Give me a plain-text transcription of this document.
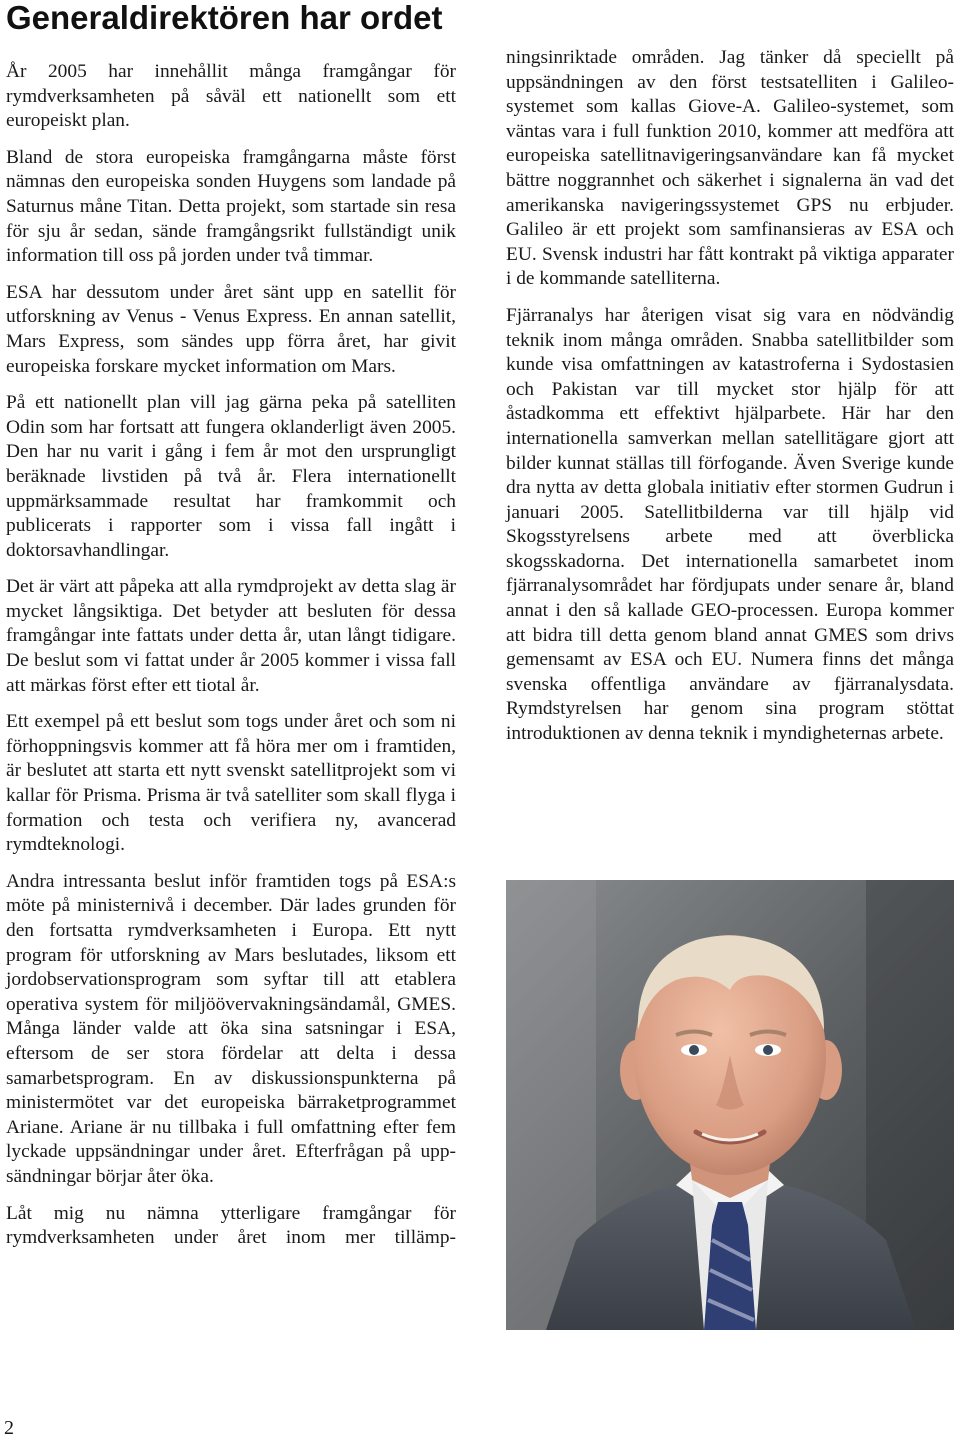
Generaldirektören har ordet

År 2005 har innehållit många framgångar för rymdverksamheten på såväl ett nationellt som ett europeiskt plan.

Bland de stora europeiska framgångarna måste först nämnas den europeiska sonden Huygens som landade på Saturnus måne Titan. Detta projekt, som startade sin resa för sju år sedan, sände framgångsrikt fullständigt unik information till oss på jorden under två timmar.

ESA har dessutom under året sänt upp en satellit för utforskning av Venus - Venus Express. En annan satellit, Mars Express, som sändes upp förra året, har givit europeiska forskare mycket information om Mars.

På ett nationellt plan vill jag gärna peka på satelliten Odin som har fortsatt att fungera oklanderligt även 2005. Den har nu varit i gång i fem år mot den ursprungligt beräknade livstiden på två år. Flera internationellt uppmärksammade resultat har framkommit och publicerats i rapporter som i vissa fall ingått i doktorsavhandlingar.

Det är värt att påpeka att alla rymdprojekt av detta slag är mycket långsiktiga. Det betyder att besluten för dessa framgångar inte fattats under detta år, utan långt tidigare. De beslut som vi fattat under år 2005 kommer i vissa fall att märkas först efter ett tiotal år.

Ett exempel på ett beslut som togs under året och som ni förhoppningsvis kommer att få höra mer om i framtiden, är beslutet att starta ett nytt svenskt satellitprojekt som vi kallar för Prisma. Prisma är två satelliter som skall flyga i formation och testa och verifiera ny, avancerad rymdteknologi.

Andra intressanta beslut inför framtiden togs på ESA:s möte på ministernivå i december. Där lades grunden för den fortsatta rymdverksamheten i Europa. Ett nytt program för utforskning av Mars beslutades, liksom ett jordobservationsprogram som syftar till att etablera operativa system för miljöövervakningsändamål, GMES. Många länder valde att öka sina satsningar i ESA, eftersom de ser stora fördelar att delta i dessa samarbetsprogram. En av diskussionspunkterna på ministermötet var det europeiska bärraketprogrammet Ariane. Ariane är nu tillbaka i full omfattning efter fem lyckade uppsändningar under året. Efterfrågan på uppsändningar börjar åter öka.

Låt mig nu nämna ytterligare framgångar för rymdverksamheten under året inom mer tillämp-

ningsinriktade områden. Jag tänker då speciellt på uppsändningen av den först testsatelliten i Galileosystemet som kallas Giove-A. Galileo-systemet, som väntas vara i full funktion 2010, kommer att medföra att europeiska satellitnavigeringsanvändare kan få mycket bättre noggrannhet och säkerhet i signalerna än vad det amerikanska navigeringssystemet GPS nu erbjuder. Galileo är ett projekt som samfinansieras av ESA och EU. Svensk industri har fått kontrakt på viktiga apparater i de kommande satelliterna.

Fjärranalys har återigen visat sig vara en nödvändig teknik inom många områden. Snabba satellitbilder som kunde visa omfattningen av katastroferna i Sydostasien och Pakistan var till mycket stor hjälp för att åstadkomma ett effektivt hjälparbete. Här har den internationella samverkan mellan satellitägare gjort att bilder kunnat ställas till förfogande. Även Sverige kunde dra nytta av detta globala initiativ efter stormen Gudrun i januari 2005. Satellitbilderna var till hjälp vid Skogsstyrelsens arbete med att överblicka skogsskadorna. Det internationella samarbetet inom fjärranalysområdet har fördjupats under senare år, bland annat i den så kallade GEO-processen. Europa kommer att bidra till detta genom bland annat GMES som drivs gemensamt av ESA och EU. Numera finns det många svenska offentliga användare av fjärranalysdata. Rymdstyrelsen har genom sina program stöttat introduktionen av denna teknik i myndigheternas arbete.

2
